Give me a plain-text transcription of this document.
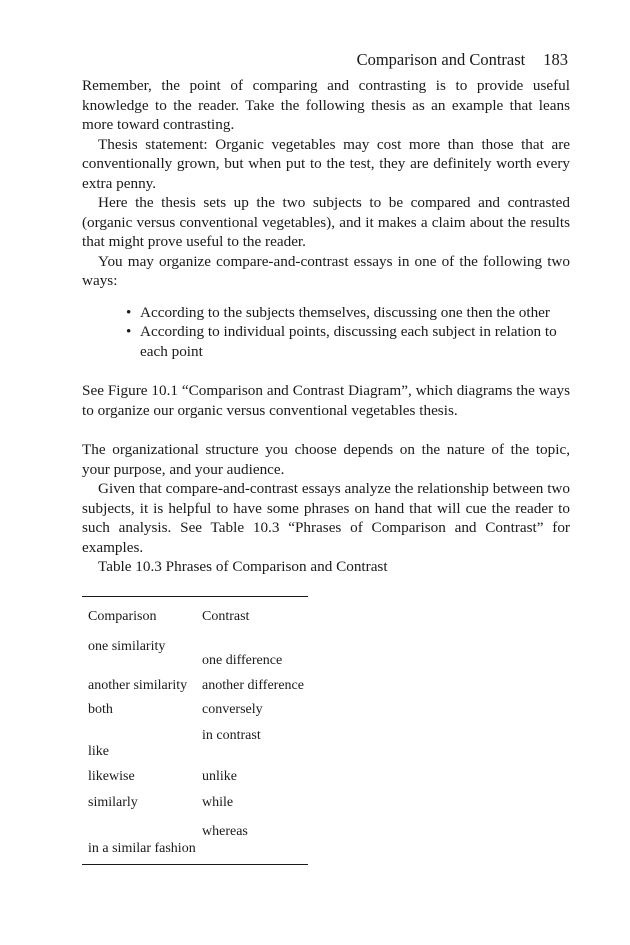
Comparison and Contrast 183

Remember, the point of comparing and contrasting is to provide useful knowledge to the reader. Take the following thesis as an example that leans more toward contrasting.

Thesis statement: Organic vegetables may cost more than those that are conventionally grown, but when put to the test, they are definitely worth every extra penny.

Here the thesis sets up the two subjects to be compared and contrasted (organic versus conventional vegetables), and it makes a claim about the results that might prove useful to the reader.

You may organize compare-and-contrast essays in one of the following two ways:

• According to the subjects themselves, discussing one then the other
• According to individual points, discussing each subject in relation to each point

See Figure 10.1 “Comparison and Contrast Diagram”, which diagrams the ways to organize our organic versus conventional vegetables thesis.

The organizational structure you choose depends on the nature of the topic, your purpose, and your audience.

Given that compare-and-contrast essays analyze the relationship between two subjects, it is helpful to have some phrases on hand that will cue the reader to such analysis. See Table 10.3 “Phrases of Comparison and Contrast” for examples.

Table 10.3 Phrases of Comparison and Contrast

Comparison	Contrast
one similarity	one difference
another similarity	another difference
both	conversely
like	in contrast
likewise	unlike
similarly	while
in a similar fashion	whereas
